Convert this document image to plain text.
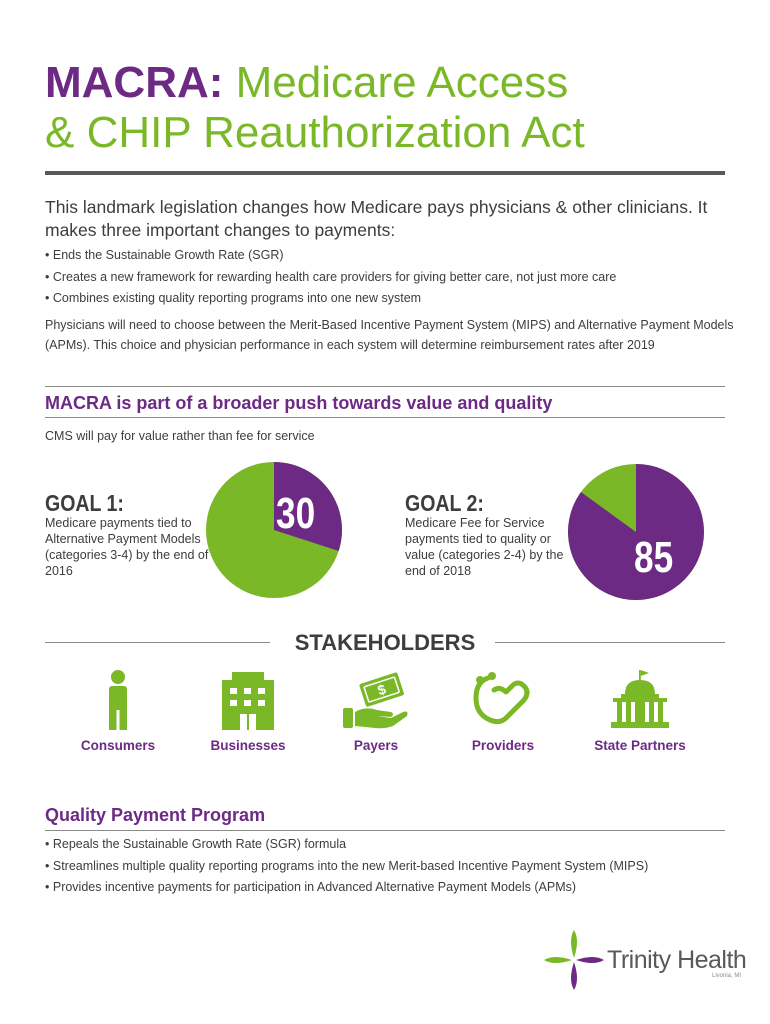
MACRA: Medicare Access
& CHIP Reauthorization Act

This landmark legislation changes how Medicare pays physicians & other clinicians. It makes three important changes to payments:

• Ends the Sustainable Growth Rate (SGR)
• Creates a new framework for rewarding health care providers for giving better care, not just more care
• Combines existing quality reporting programs into one new system

Physicians will need to choose between the Merit-Based Incentive Payment System (MIPS) and Alternative Payment Models (APMs). This choice and physician performance in each system will determine reimbursement rates after 2019

MACRA is part of a broader push towards value and quality

CMS will pay for value rather than fee for service

GOAL 1:

Medicare payments tied to Alternative Payment Models (categories 3-4) by the end of 2016

30%	GOAL 2:

Medicare Fee for Service payments tied to quality or value (categories 2-4) by the end of 2018	85%
STAKEHOLDERS
Consumers	Businesses
$
Payers	Providers	State Partners
Quality Payment Program
• Repeals the Sustainable Growth Rate (SGR) formula
• Streamlines multiple quality reporting programs into the new Merit-based Incentive Payment System (MIPS)
• Provides incentive payments for participation in Advanced Alternative Payment Models (APMs)
Trinity Health
Livonia, MI
